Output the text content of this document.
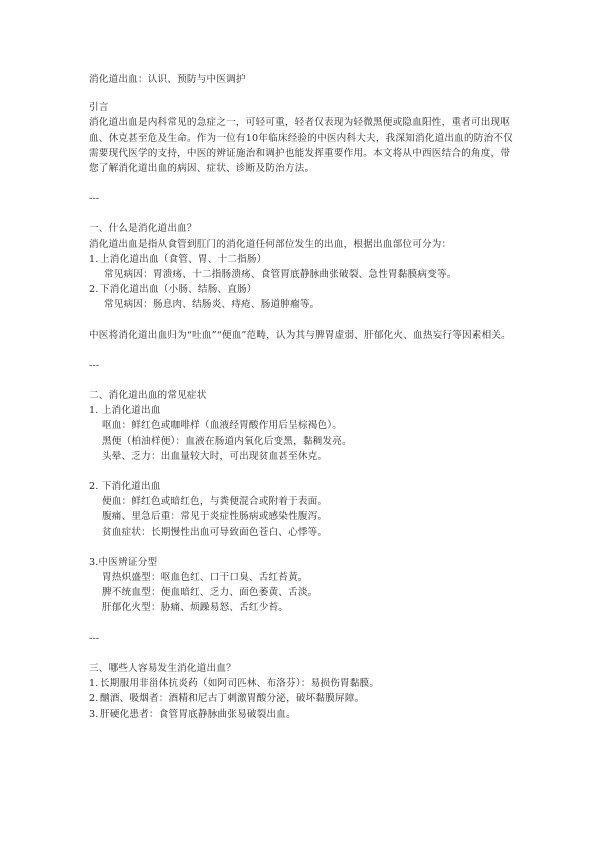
消化道出血：认识、预防与中医调护
引言
消化道出血是内科常见的急症之一，可轻可重，轻者仅表现为轻微黑便或隐血阳性，重者可出现呕血、休克甚至危及生命。作为一位有10年临床经验的中医内科大夫，我深知消化道出血的防治不仅需要现代医学的支持，中医的辨证施治和调护也能发挥重要作用。本文将从中西医结合的角度，带您了解消化道出血的病因、症状、诊断及防治方法。
---
一、什么是消化道出血？
消化道出血是指从食管到肛门的消化道任何部位发生的出血，根据出血部位可分为：
1.上消化道出血（食管、胃、十二指肠）
常见病因：胃溃疡、十二指肠溃疡、食管胃底静脉曲张破裂、急性胃黏膜病变等。
2.下消化道出血（小肠、结肠、直肠）
常见病因：肠息肉、结肠炎、痔疮、肠道肿瘤等。
中医将消化道出血归为“吐血”“便血”范畴，认为其与脾胃虚弱、肝郁化火、血热妄行等因素相关。
---
二、消化道出血的常见症状
1. 上消化道出血
呕血：鲜红色或咖啡样（血液经胃酸作用后呈棕褐色）。
黑便（柏油样便）：血液在肠道内氧化后变黑，黏稠发亮。
头晕、乏力：出血量较大时，可出现贫血甚至休克。
2. 下消化道出血
便血：鲜红色或暗红色，与粪便混合或附着于表面。
腹痛、里急后重：常见于炎症性肠病或感染性腹泻。
贫血症状：长期慢性出血可导致面色苍白、心悸等。
3.中医辨证分型
胃热炽盛型：呕血色红、口干口臭、舌红苔黄。
脾不统血型：便血暗红、乏力、面色萎黄、舌淡。
肝郁化火型：胁痛、烦躁易怒、舌红少苔。
---
三、哪些人容易发生消化道出血？
1.长期服用非甾体抗炎药（如阿司匹林、布洛芬）：易损伤胃黏膜。
2.酗酒、吸烟者：酒精和尼古丁刺激胃酸分泌，破坏黏膜屏障。
3.肝硬化患者：食管胃底静脉曲张易破裂出血。
